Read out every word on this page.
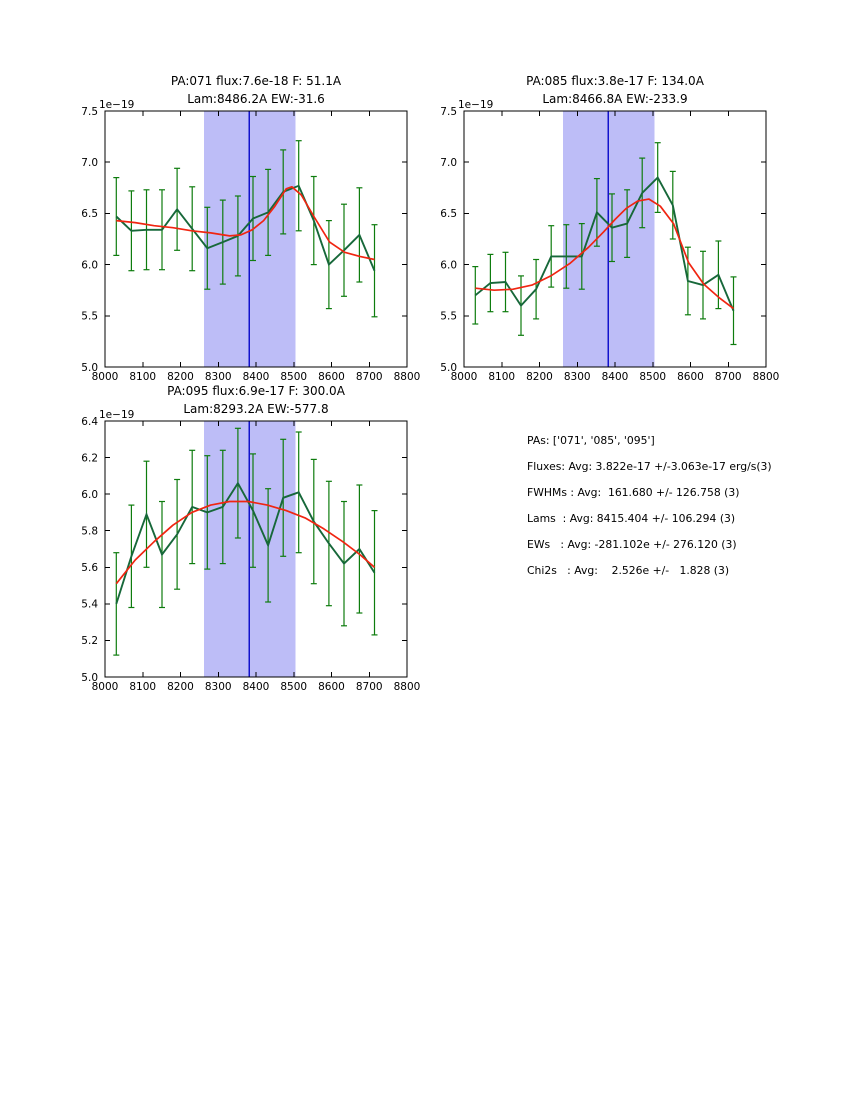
8000 8100 8200 8300 8400 8500 8600 8700 8800
5.0
5.5
6.0
6.5
7.0
7.5
PA:071 flux:7.6e-18 F: 51.1A
Lam:8486.2A EW:-31.6
1e−19
8000 8100 8200 8300 8400 8500 8600 8700 8800
5.0
5.5
6.0
6.5
7.0
7.5
PA:085 flux:3.8e-17 F: 134.0A
Lam:8466.8A EW:-233.9
1e−19
8000 8100 8200 8300 8400 8500 8600 8700 8800
5.0
5.2
5.4
5.6
5.8
6.0
6.2
6.4
PA:095 flux:6.9e-17 F: 300.0A
Lam:8293.2A EW:-577.8
1e−19
PAs: ['071', '085', '095']
Fluxes: Avg: 3.822e-17 +/-3.063e-17 erg/s(3)
FWHMs : Avg:  161.680 +/- 126.758 (3)
Lams  : Avg: 8415.404 +/- 106.294 (3)
EWs   : Avg: -281.102e +/- 276.120 (3)
Chi2s   : Avg:    2.526e +/-   1.828 (3)
